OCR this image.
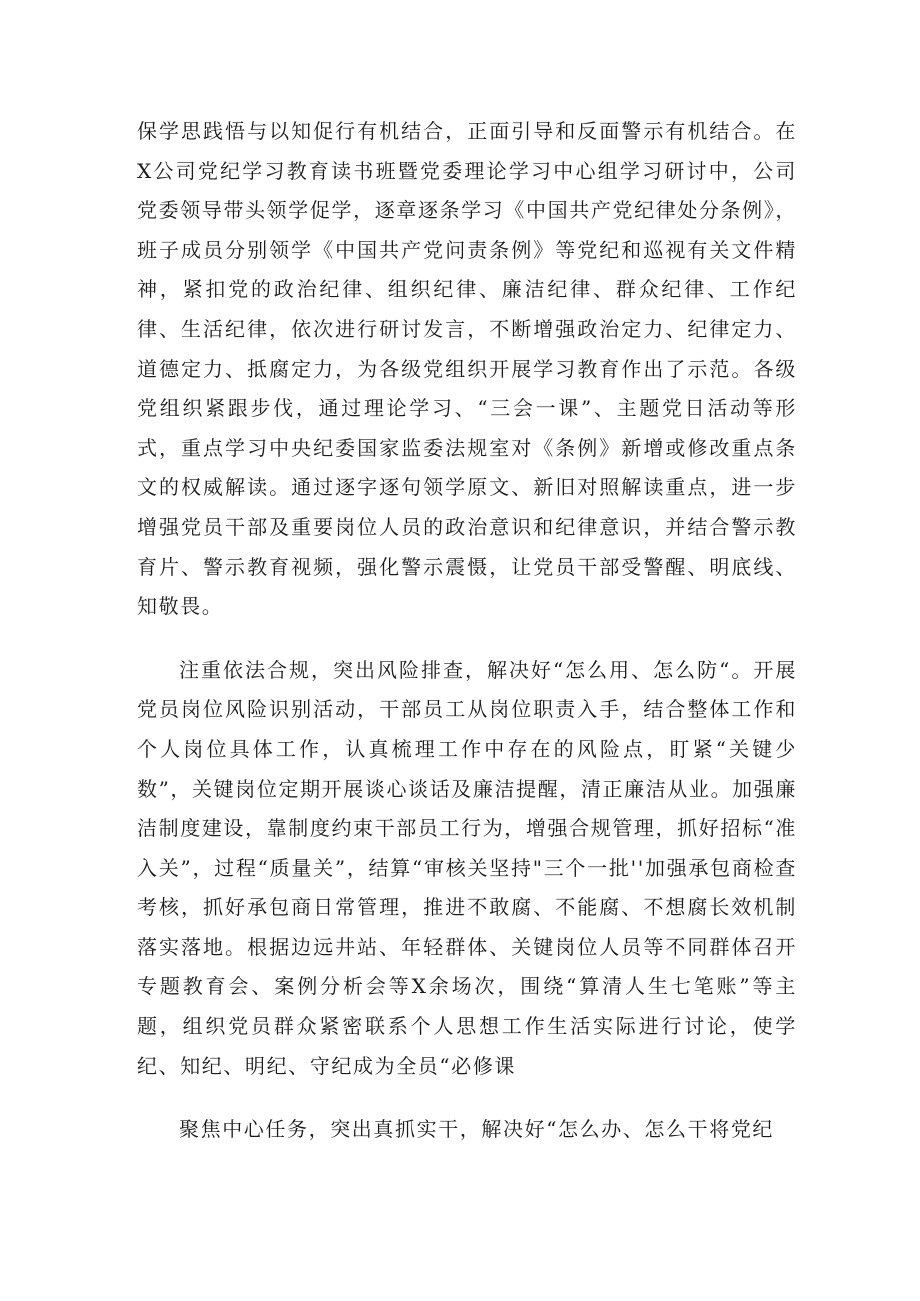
保学思践悟与以知促行有机结合，正面引导和反面警示有机结合。在X公司党纪学习教育读书班暨党委理论学习中心组学习研讨中，公司党委领导带头领学促学，逐章逐条学习《中国共产党纪律处分条例》，班子成员分别领学《中国共产党问责条例》等党纪和巡视有关文件精神，紧扣党的政治纪律、组织纪律、廉洁纪律、群众纪律、工作纪律、生活纪律，依次进行研讨发言，不断增强政治定力、纪律定力、道德定力、抵腐定力，为各级党组织开展学习教育作出了示范。各级党组织紧跟步伐，通过理论学习、“三会一课”、主题党日活动等形式，重点学习中央纪委国家监委法规室对《条例》新增或修改重点条文的权威解读。通过逐字逐句领学原文、新旧对照解读重点，进一步增强党员干部及重要岗位人员的政治意识和纪律意识，并结合警示教育片、警示教育视频，强化警示震慑，让党员干部受警醒、明底线、知敬畏。

注重依法合规，突出风险排查，解决好“怎么用、怎么防“。开展党员岗位风险识别活动，干部员工从岗位职责入手，结合整体工作和个人岗位具体工作，认真梳理工作中存在的风险点，盯紧“关键少数”，关键岗位定期开展谈心谈话及廉洁提醒，清正廉洁从业。加强廉洁制度建设，靠制度约束干部员工行为，增强合规管理，抓好招标“准入关”，过程“质量关”，结算“审核关坚持"三个一批''加强承包商检查考核，抓好承包商日常管理，推进不敢腐、不能腐、不想腐长效机制落实落地。根据边远井站、年轻群体、关键岗位人员等不同群体召开专题教育会、案例分析会等X余场次，围绕“算清人生七笔账”等主题，组织党员群众紧密联系个人思想工作生活实际进行讨论，使学纪、知纪、明纪、守纪成为全员“必修课

聚焦中心任务，突出真抓实干，解决好“怎么办、怎么干将党纪
